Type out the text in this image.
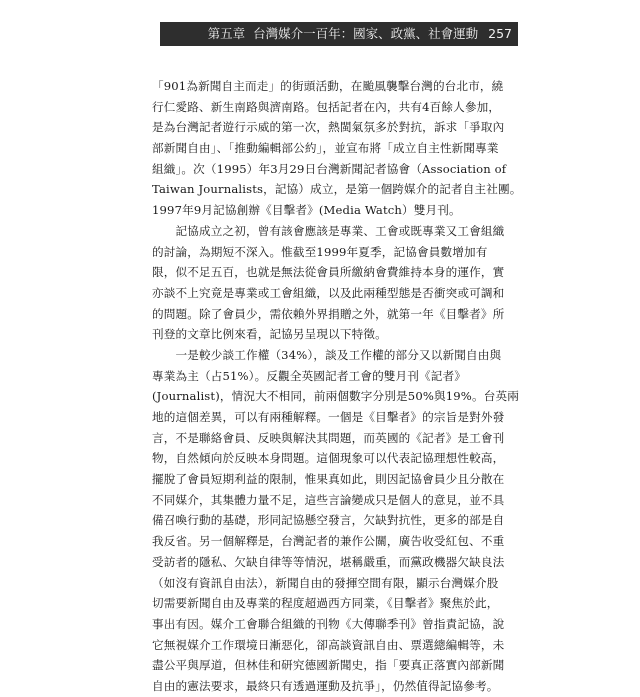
第五章 台灣媒介一百年：國家、政黨、社會運動 257
「901為新聞自主而走」的街頭活動，在颱風襲擊台灣的台北市，繞
行仁愛路、新生南路與濟南路。包括記者在內，共有4百餘人參加，
是為台灣記者遊行示威的第一次，熱閩氣氛多於對抗，訴求「爭取內
部新聞自由」、「推動編輯部公約」，並宣布將「成立自主性新聞專業
組織」。次（1995）年3月29日台灣新聞記者協會（Association of
Taiwan Journalists，記協）成立，是第一個跨媒介的記者自主社團。
1997年9月記協創辦《目擊者》(Media Watch）雙月刊。
　　記協成立之初，曾有該會應該是專業、工會或既專業又工會組織
的討論，為期短不深入。惟截至1999年夏季，記協會員數增加有
限，似不足五百，也就是無法從會員所繳納會費維持本身的運作，實
亦談不上究竟是專業或工會組織，以及此兩種型態是否衝突或可調和
的問題。除了會員少，需依賴外界捐贈之外，就第一年《目擊者》所
刊登的文章比例來看，記協另呈現以下特徵。
　　一是較少談工作權（34%），談及工作權的部分又以新聞自由與
專業為主（占51%）。反觀全英國記者工會的雙月刊《記者》
(Journalist)，情況大不相同，前兩個數字分別是50%與19%。台英兩
地的這個差異，可以有兩種解釋。一個是《目擊者》的宗旨是對外發
言，不是聯絡會員、反映與解決其問題，而英國的《記者》是工會刊
物，自然傾向於反映本身問題。這個現象可以代表記協理想性較高，
擺脫了會員短期利益的限制，惟果真如此，則因記協會員少且分散在
不同媒介，其集體力量不足，這些言論變成只是個人的意見，並不具
備召喚行動的基礎，形同記協懸空發言，欠缺對抗性，更多的部是自
我反省。另一個解釋是，台灣記者的兼作公關，廣告收受紅包、不重
受訪者的隱私、欠缺自律等等情況，堪稱嚴重，而黨政機器欠缺良法
（如沒有資訊自由法），新聞自由的發揮空間有限，顯示台灣媒介股
切需要新聞自由及專業的程度超過西方同業，《目擊者》聚焦於此，
事出有因。媒介工會聯合組織的刊物《大傳聯季刊》曾指責記協，說
它無視媒介工作環境日漸惡化，卻高談資訊自由、票選總編輯等，未
盡公平與厚道，但林佳和研究德國新聞史，指「要真正落實內部新聞
自由的憲法要求，最終只有透過運動及抗爭」，仍然值得記協參考。
